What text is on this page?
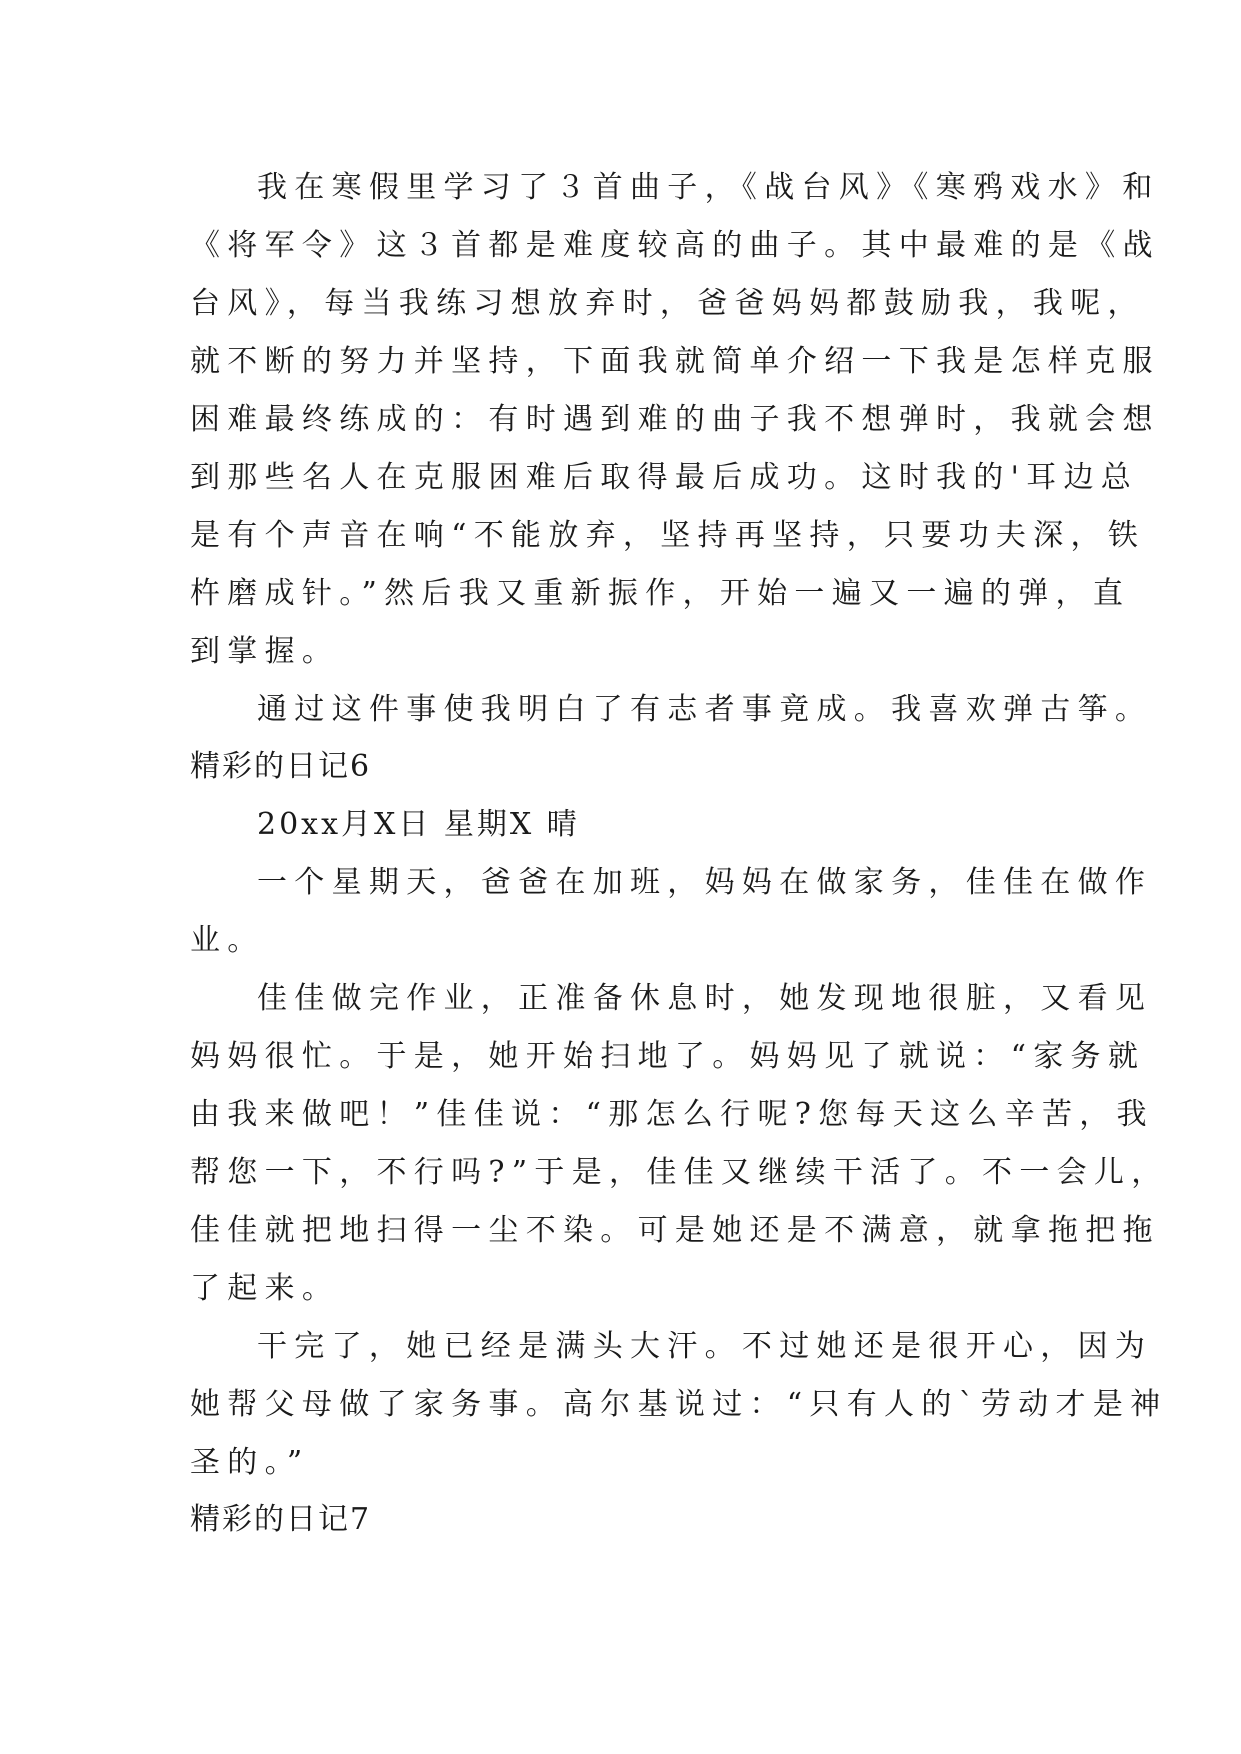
我在寒假里学习了３首曲子，《战台风》《寒鸦戏水》和
《将军令》这３首都是难度较高的曲子。其中最难的是《战
台风》，每当我练习想放弃时，爸爸妈妈都鼓励我，我呢，
就不断的努力并坚持，下面我就简单介绍一下我是怎样克服
困难最终练成的：有时遇到难的曲子我不想弹时，我就会想
到那些名人在克服困难后取得最后成功。这时我的'耳边总
是有个声音在响“不能放弃，坚持再坚持，只要功夫深，铁
杵磨成针。”然后我又重新振作，开始一遍又一遍的弹，直
到掌握。
通过这件事使我明白了有志者事竟成。我喜欢弹古筝。
精彩的日记6
20xx月X日 星期X 晴
一个星期天，爸爸在加班，妈妈在做家务，佳佳在做作
业。
佳佳做完作业，正准备休息时，她发现地很脏，又看见
妈妈很忙。于是，她开始扫地了。妈妈见了就说：“家务就
由我来做吧！”佳佳说：“那怎么行呢?您每天这么辛苦，我
帮您一下，不行吗?”于是，佳佳又继续干活了。不一会儿，
佳佳就把地扫得一尘不染。可是她还是不满意，就拿拖把拖
了起来。
干完了，她已经是满头大汗。不过她还是很开心，因为
她帮父母做了家务事。高尔基说过：“只有人的`劳动才是神
圣的。”
精彩的日记7
